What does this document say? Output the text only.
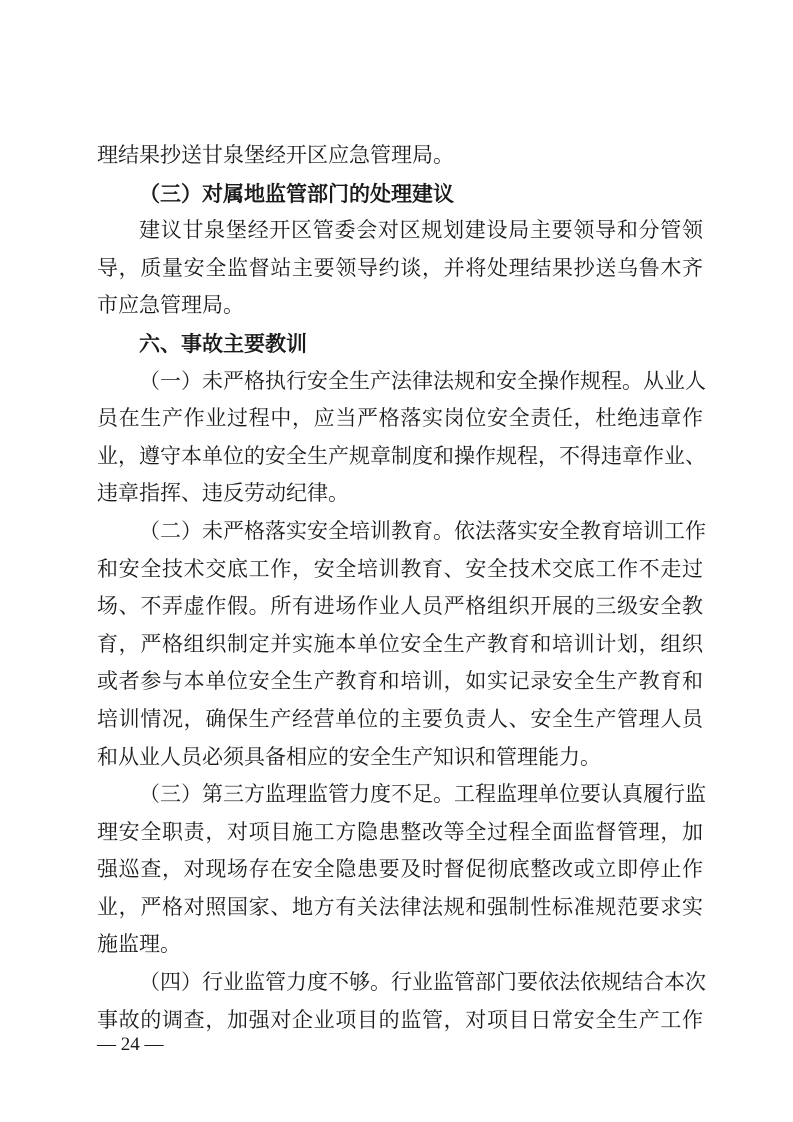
理结果抄送甘泉堡经开区应急管理局。
（三）对属地监管部门的处理建议
建议甘泉堡经开区管委会对区规划建设局主要领导和分管领
导，质量安全监督站主要领导约谈，并将处理结果抄送乌鲁木齐
市应急管理局。
六、事故主要教训
（一）未严格执行安全生产法律法规和安全操作规程。从业人
员在生产作业过程中，应当严格落实岗位安全责任，杜绝违章作
业，遵守本单位的安全生产规章制度和操作规程，不得违章作业、
违章指挥、违反劳动纪律。
（二）未严格落实安全培训教育。依法落实安全教育培训工作
和安全技术交底工作，安全培训教育、安全技术交底工作不走过
场、不弄虚作假。所有进场作业人员严格组织开展的三级安全教
育，严格组织制定并实施本单位安全生产教育和培训计划，组织
或者参与本单位安全生产教育和培训，如实记录安全生产教育和
培训情况，确保生产经营单位的主要负责人、安全生产管理人员
和从业人员必须具备相应的安全生产知识和管理能力。
（三）第三方监理监管力度不足。工程监理单位要认真履行监
理安全职责，对项目施工方隐患整改等全过程全面监督管理，加
强巡查，对现场存在安全隐患要及时督促彻底整改或立即停止作
业，严格对照国家、地方有关法律法规和强制性标准规范要求实
施监理。
（四）行业监管力度不够。行业监管部门要依法依规结合本次
事故的调查，加强对企业项目的监管，对项目日常安全生产工作
— 24 —
